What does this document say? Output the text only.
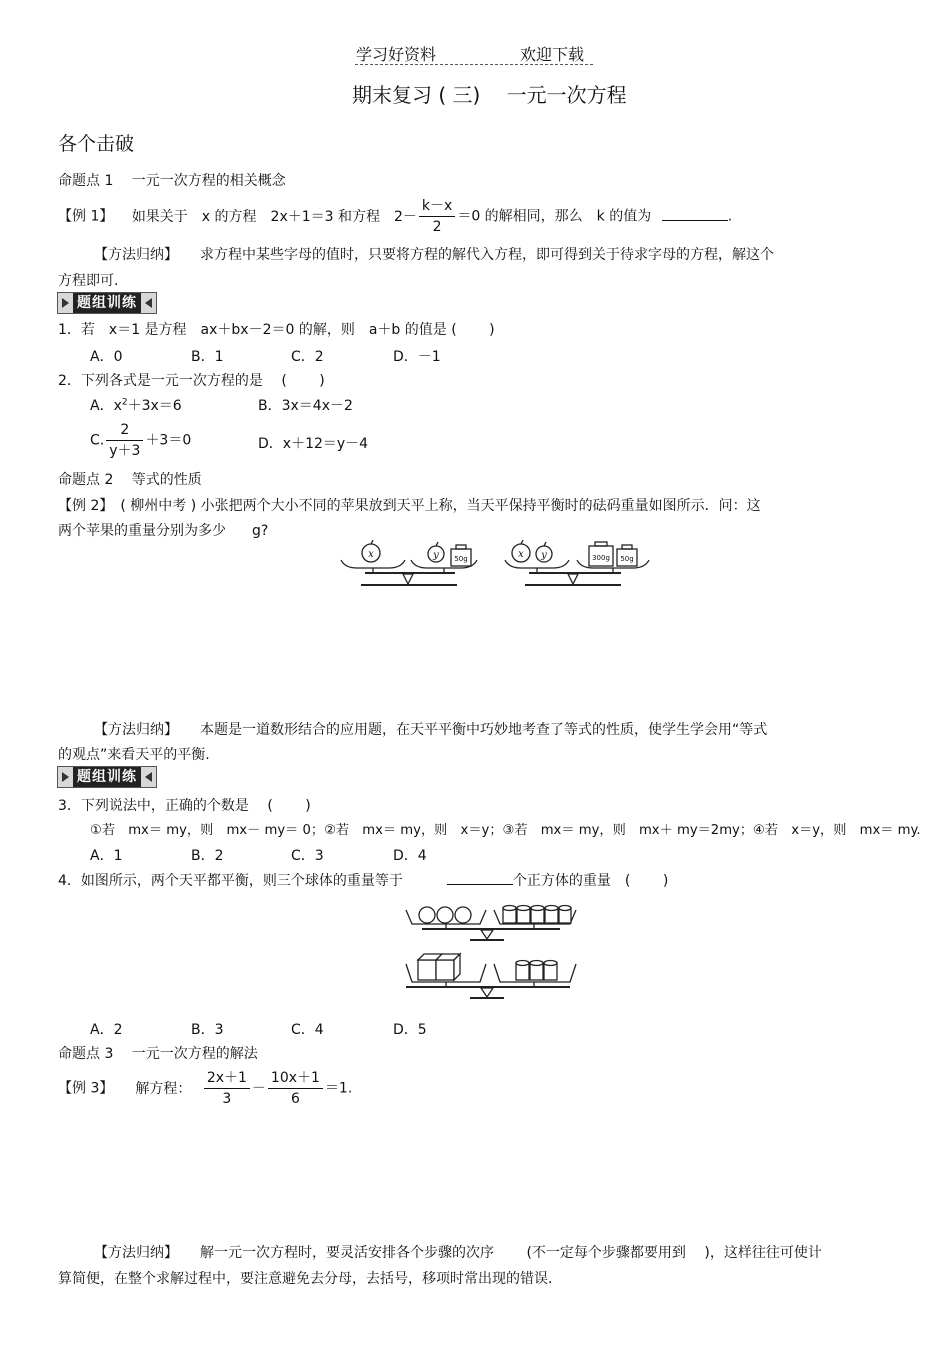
学习好资料	欢迎下载
期末复习 ( 三)　 一元一次方程
各个击破
命题点 1　 一元一次方程的相关概念
【例 1】 如果关于　x 的方程　2x＋1＝3 和方程　$2- \frac{k-x}{2} =0$ 的解相同，那么　k 的值为	.
【方法归纳】 求方程中某些字母的值时，只要将方程的解代入方程，即可得到关于待求字母的方程，解这个
方程即可.
题组训练
1．若　x＝1 是方程　ax＋bx－2＝0 的解，则　a＋b 的值是 (　　 )
A．0	B．1	C．2	D．－1
2．下列各式是一元一次方程的是　 (　　 )
A．$x^2+3x=6$	B．3x＝4x－2
C. $\frac{2}{y+3} +3=0$	D．x＋12＝y－4
命题点 2　 等式的性质
【例 2】　( 柳州中考 ) 小张把两个大小不同的苹果放到天平上称，当天平保持平衡时的砝码重量如图所示．问：这
两个苹果的重量分别为多少 g?
x	y	x y
50g	300g 50g
【方法归纳】 本题是一道数形结合的应用题，在天平平衡中巧妙地考查了等式的性质，使学生学会用“等式
的观点”来看天平的平衡.
题组训练
3．下列说法中，正确的个数是　 (　　 )
①若　mx＝ my，则　mx－ my＝ 0；②若　mx＝ my，则　x＝y；③若　mx＝ my，则　mx＋ my＝2my；④若　x＝y，则　mx＝ my.
A．1	B．2	C．3	D．4
4．如图所示，两个天平都平衡，则三个球体的重量等于	个正方体的重量　(　　 )
A．2	B．3	C．4	D．5
命题点 3　 一元一次方程的解法
【例 3】 解方程： $\frac{2x+1}{3} - \frac{10x+1}{6} =1$.
【方法归纳】 解一元一次方程时，要灵活安排各个步骤的次序　　 (不一定每个步骤都要用到　 )，这样往往可使计
算简便，在整个求解过程中，要注意避免去分母，去括号，移项时常出现的错误.
